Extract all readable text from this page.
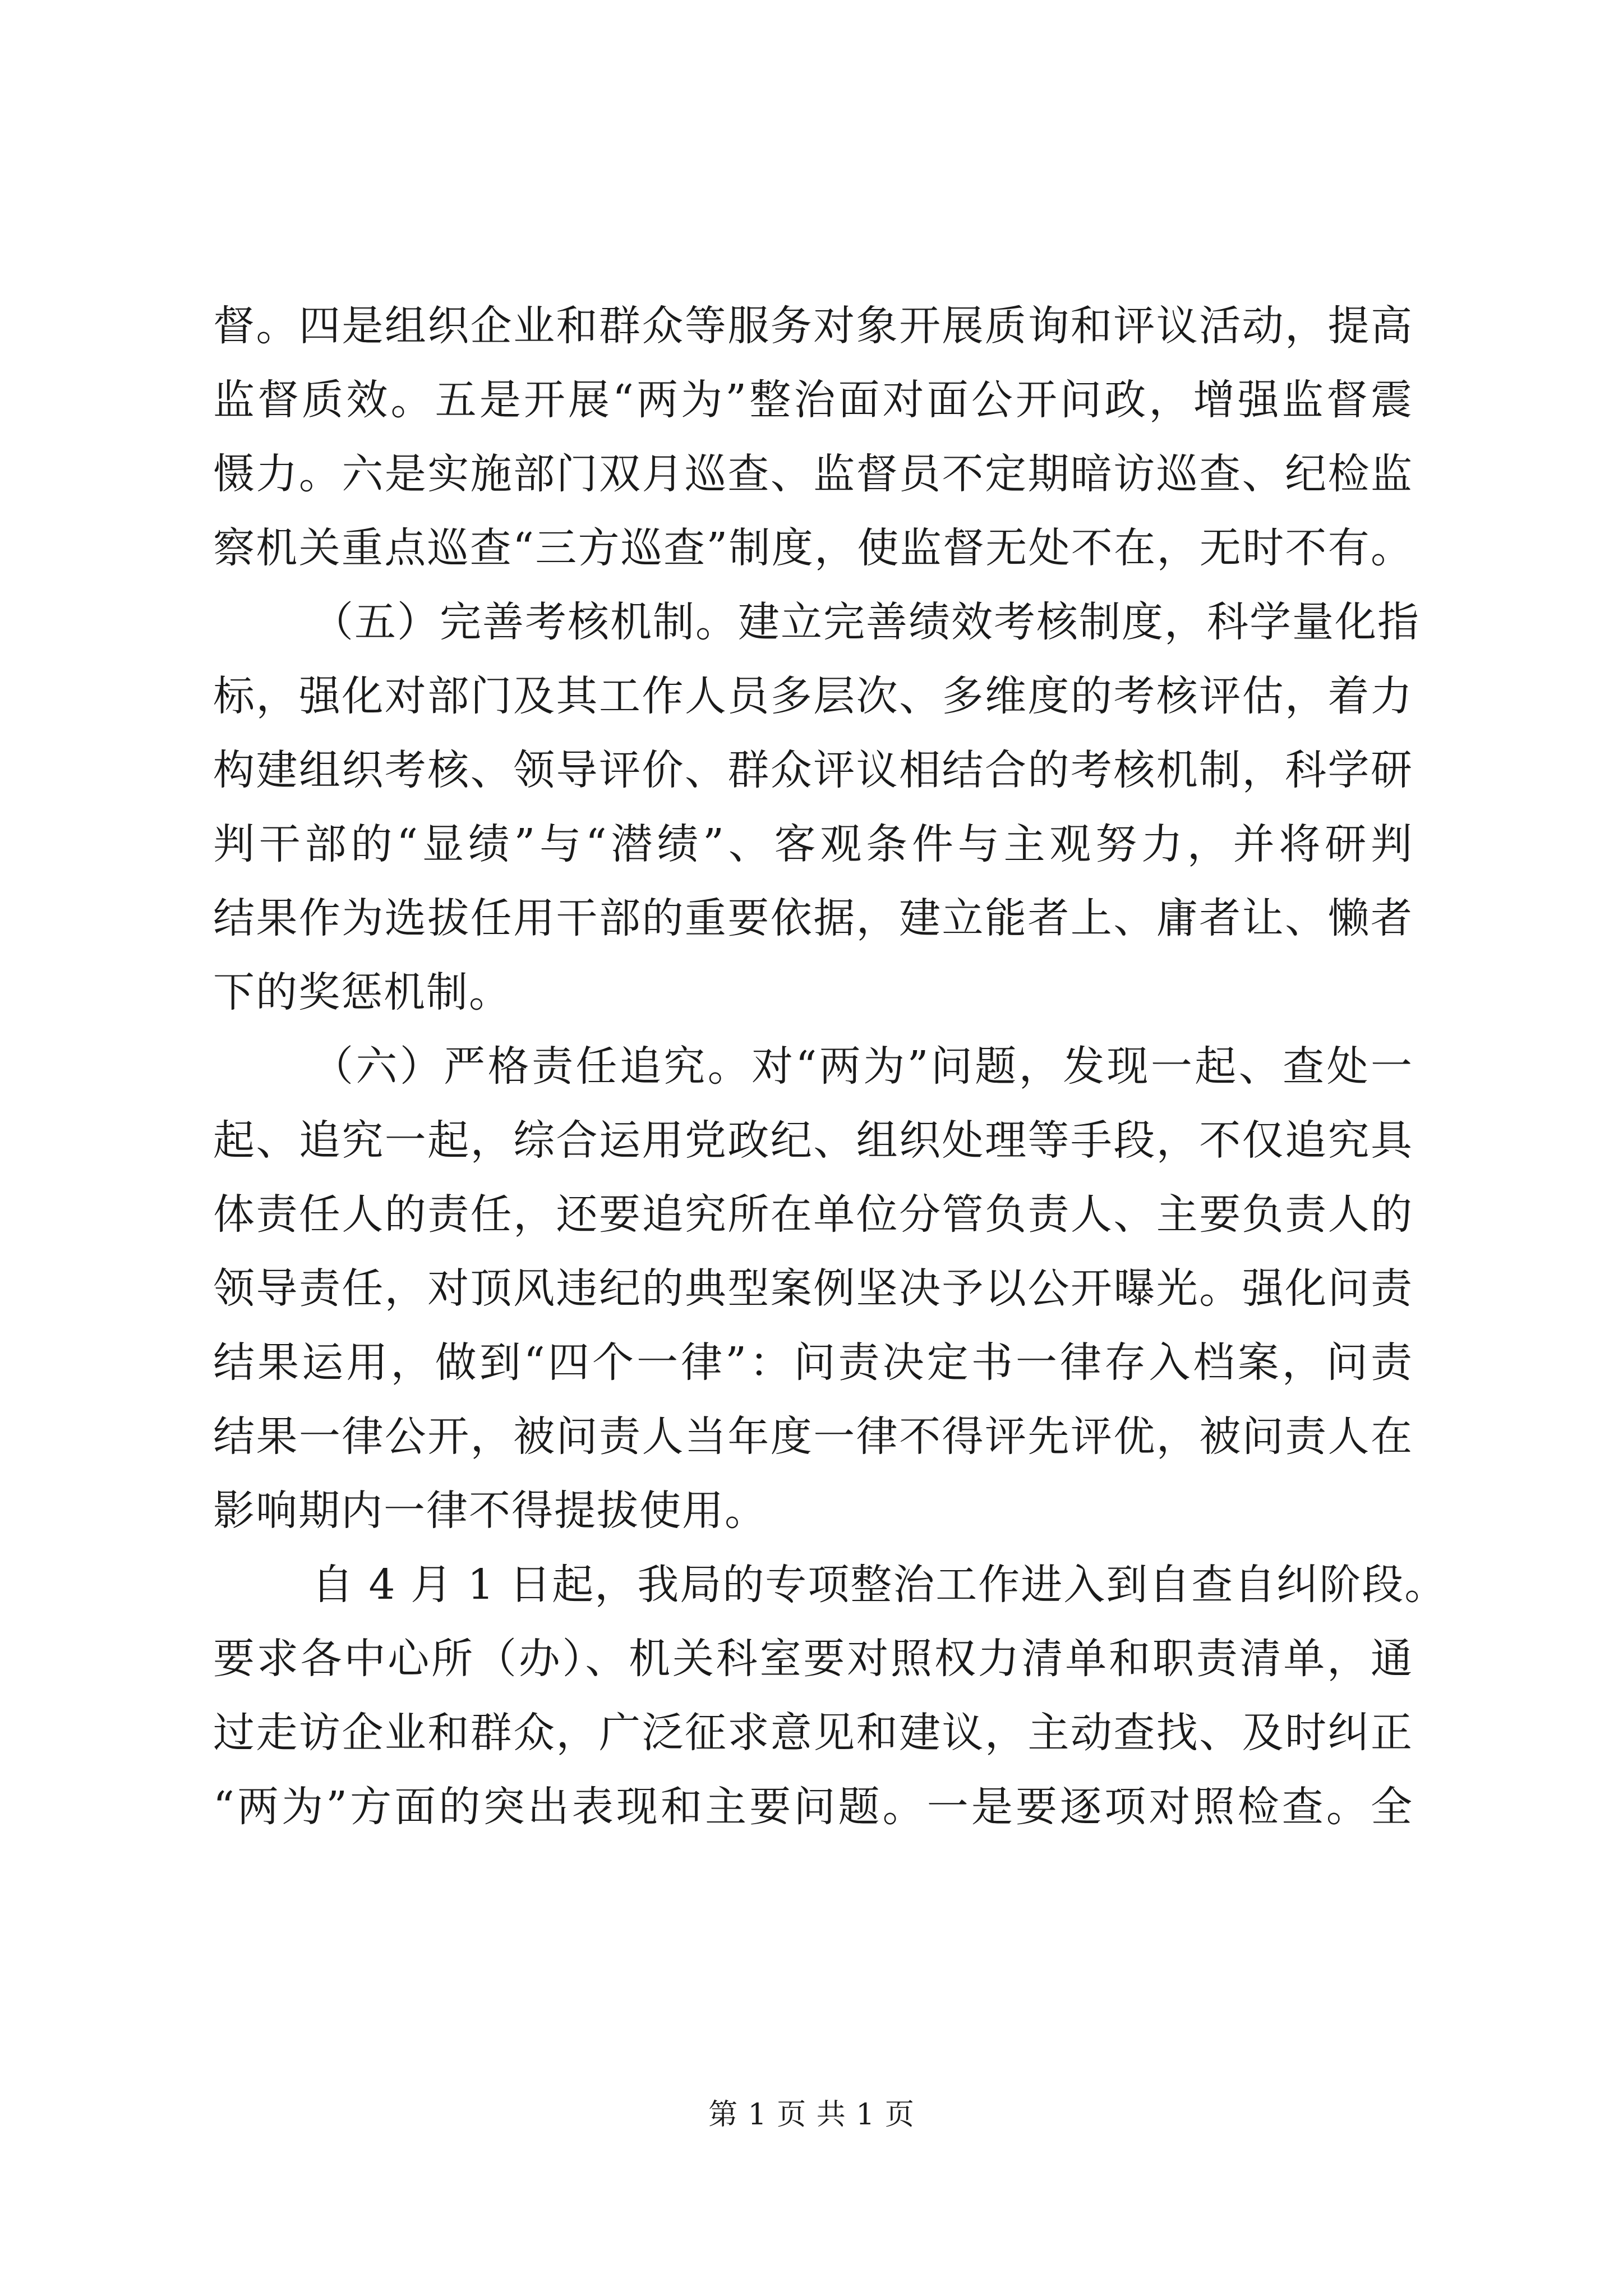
督。四是组织企业和群众等服务对象开展质询和评议活动，提高
监督质效。五是开展“两为”整治面对面公开问政，增强监督震
慑力。六是实施部门双月巡查、监督员不定期暗访巡查、纪检监
察机关重点巡查“三方巡查”制度，使监督无处不在，无时不有。
（五）完善考核机制。建立完善绩效考核制度，科学量化指
标，强化对部门及其工作人员多层次、多维度的考核评估，着力
构建组织考核、领导评价、群众评议相结合的考核机制，科学研
判干部的“显绩”与“潜绩”、客观条件与主观努力，并将研判
结果作为选拔任用干部的重要依据，建立能者上、庸者让、懒者
下的奖惩机制。
（六）严格责任追究。对“两为”问题，发现一起、查处一
起、追究一起，综合运用党政纪、组织处理等手段，不仅追究具
体责任人的责任，还要追究所在单位分管负责人、主要负责人的
领导责任，对顶风违纪的典型案例坚决予以公开曝光。强化问责
结果运用，做到“四个一律”：问责决定书一律存入档案，问责
结果一律公开，被问责人当年度一律不得评先评优，被问责人在
影响期内一律不得提拔使用。
自 4 月 1 日起，我局的专项整治工作进入到自查自纠阶段。
要求各中心所（办）、机关科室要对照权力清单和职责清单，通
过走访企业和群众，广泛征求意见和建议，主动查找、及时纠正
“两为”方面的突出表现和主要问题。一是要逐项对照检查。全
第 1 页 共 1 页
